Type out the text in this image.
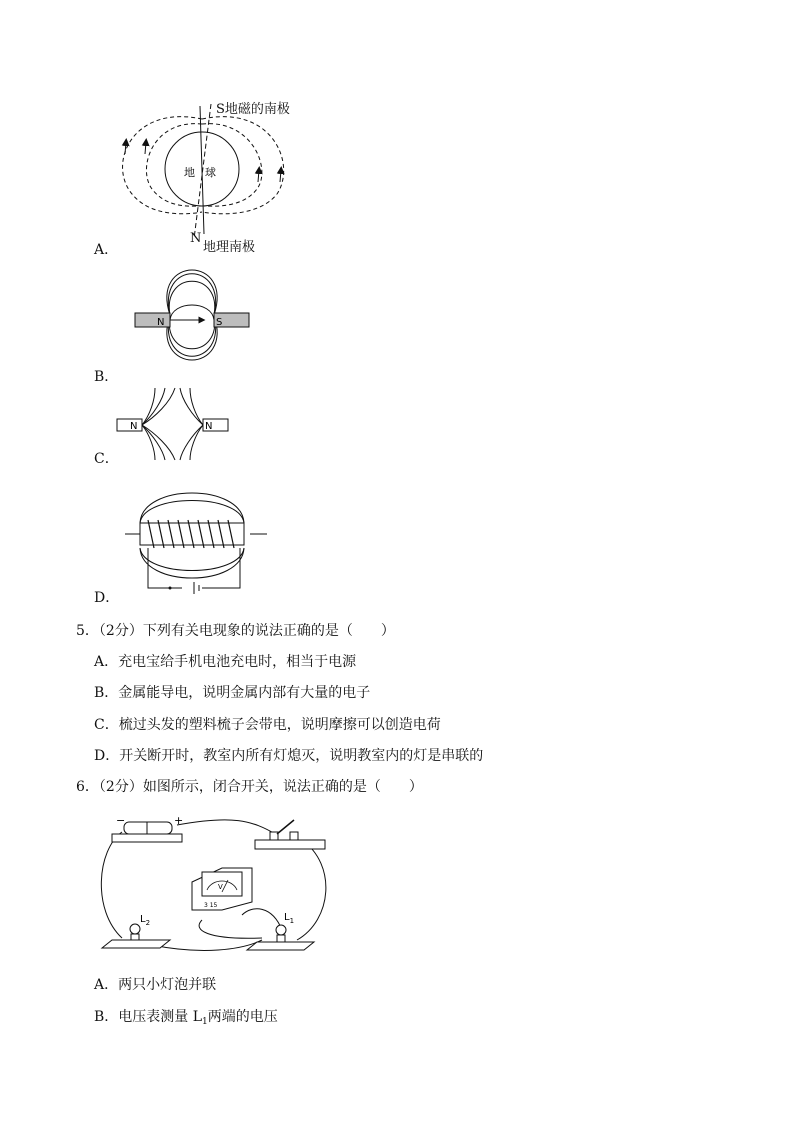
地 球
S地磁的南极
N
地理南极
A．
N	S
B．
N	N
C．
D．
5．（2分）下列有关电现象的说法正确的是（　　）
A．充电宝给手机电池充电时，相当于电源
B．金属能导电，说明金属内部有大量的电子
C．梳过头发的塑料梳子会带电，说明摩擦可以创造电荷
D．开关断开时，教室内所有灯熄灭，说明教室内的灯是串联的
6．（2分）如图所示，闭合开关，说法正确的是（　　）
−	+
V
3 15
$L_2$	$L_1$
A．两只小灯泡并联
B．电压表测量 $L_1$两端的电压
